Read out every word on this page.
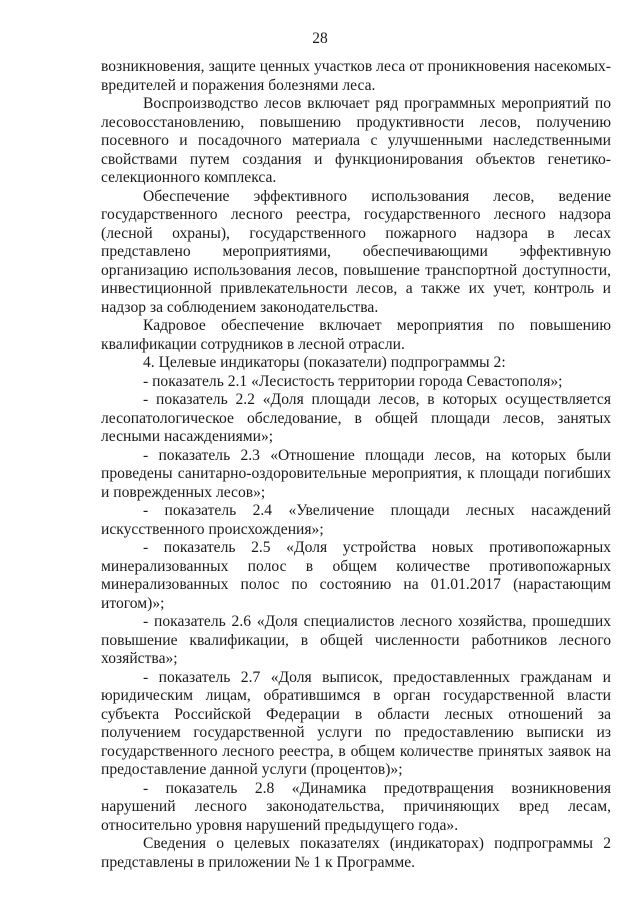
28

возникновения, защите ценных участков леса от проникновения насекомых-вредителей и поражения болезнями леса.

Воспроизводство лесов включает ряд программных мероприятий по лесовосстановлению, повышению продуктивности лесов, получению посевного и посадочного материала с улучшенными наследственными свойствами путем создания и функционирования объектов генетико-селекционного комплекса.

Обеспечение эффективного использования лесов, ведение государственного лесного реестра, государственного лесного надзора (лесной охраны), государственного пожарного надзора в лесах представлено мероприятиями, обеспечивающими эффективную организацию использования лесов, повышение транспортной доступности, инвестиционной привлекательности лесов, а также их учет, контроль и надзор за соблюдением законодательства.

Кадровое обеспечение включает мероприятия по повышению квалификации сотрудников в лесной отрасли.

4. Целевые индикаторы (показатели) подпрограммы 2:

- показатель 2.1 «Лесистость территории города Севастополя»;

- показатель 2.2 «Доля площади лесов, в которых осуществляется лесопатологическое обследование, в общей площади лесов, занятых лесными насаждениями»;

- показатель 2.3 «Отношение площади лесов, на которых были проведены санитарно-оздоровительные мероприятия, к площади погибших и поврежденных лесов»;

- показатель 2.4 «Увеличение площади лесных насаждений искусственного происхождения»;

- показатель 2.5 «Доля устройства новых противопожарных минерализованных полос в общем количестве противопожарных минерализованных полос по состоянию на 01.01.2017 (нарастающим итогом)»;

- показатель 2.6 «Доля специалистов лесного хозяйства, прошедших повышение квалификации, в общей численности работников лесного хозяйства»;

- показатель 2.7 «Доля выписок, предоставленных гражданам и юридическим лицам, обратившимся в орган государственной власти субъекта Российской Федерации в области лесных отношений за получением государственной услуги по предоставлению выписки из государственного лесного реестра, в общем количестве принятых заявок на предоставление данной услуги (процентов)»;

- показатель 2.8 «Динамика предотвращения возникновения нарушений лесного законодательства, причиняющих вред лесам, относительно уровня нарушений предыдущего года».

Сведения о целевых показателях (индикаторах) подпрограммы 2 представлены в приложении № 1 к Программе.
